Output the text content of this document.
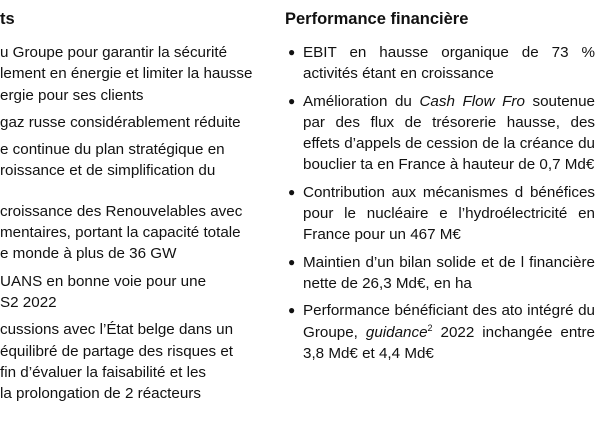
ts
u Groupe pour garantir la sécurité
lement en énergie et limiter la hausse
ergie pour ses clients
gaz russe considérablement réduite
e continue du plan stratégique en
roissance et de simplification du
croissance des Renouvelables avec
mentaires, portant la capacité totale
e monde à plus de 36 GW
UANS en bonne voie pour une
S2 2022
cussions avec l’État belge dans un
équilibré de partage des risques et
fin d’évaluer la faisabilité et les
la prolongation de 2 réacteurs
Performance financière
● EBIT en hausse organique de 73 % activités étant en croissance
● Amélioration du Cash Flow Fro soutenue par des flux de trésorerie hausse, des effets d’appels de cession de la créance du bouclier ta en France à hauteur de 0,7 Md€
● Contribution aux mécanismes d bénéfices pour le nucléaire e l’hydroélectricité en France pour un 467 M€
● Maintien d’un bilan solide et de l financière nette de 26,3 Md€, en ha
● Performance bénéficiant des ato intégré du Groupe, guidance$^2$ 2022 inchangée entre 3,8 Md€ et 4,4 Md€
